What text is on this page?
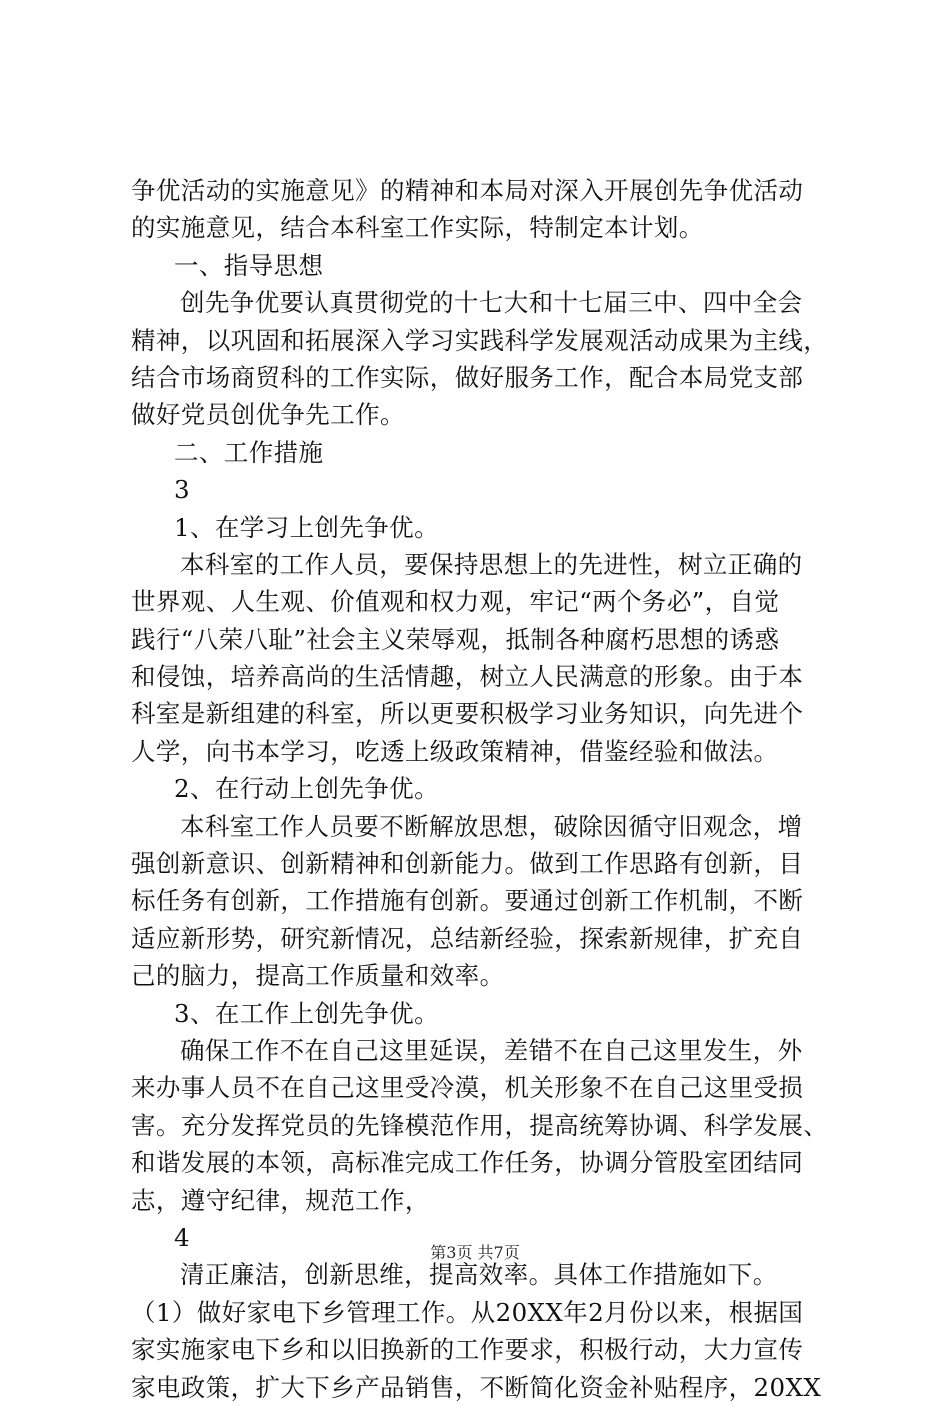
争优活动的实施意见》的精神和本局对深入开展创先争优活动
的实施意见，结合本科室工作实际，特制定本计划。
一、指导思想
创先争优要认真贯彻党的十七大和十七届三中、四中全会
精神，以巩固和拓展深入学习实践科学发展观活动成果为主线，
结合市场商贸科的工作实际，做好服务工作，配合本局党支部
做好党员创优争先工作。
二、工作措施
3
1、在学习上创先争优。
本科室的工作人员，要保持思想上的先进性，树立正确的
世界观、人生观、价值观和权力观，牢记“两个务必”，自觉
践行“八荣八耻”社会主义荣辱观，抵制各种腐朽思想的诱惑
和侵蚀，培养高尚的生活情趣，树立人民满意的形象。由于本
科室是新组建的科室，所以更要积极学习业务知识，向先进个
人学，向书本学习，吃透上级政策精神，借鉴经验和做法。
2、在行动上创先争优。
本科室工作人员要不断解放思想，破除因循守旧观念，增
强创新意识、创新精神和创新能力。做到工作思路有创新，目
标任务有创新，工作措施有创新。要通过创新工作机制，不断
适应新形势，研究新情况，总结新经验，探索新规律，扩充自
己的脑力，提高工作质量和效率。
3、在工作上创先争优。
确保工作不在自己这里延误，差错不在自己这里发生，外
来办事人员不在自己这里受冷漠，机关形象不在自己这里受损
害。充分发挥党员的先锋模范作用，提高统筹协调、科学发展、
和谐发展的本领，高标准完成工作任务，协调分管股室团结同
志，遵守纪律，规范工作，
4
清正廉洁，创新思维，提高效率。具体工作措施如下。
（1）做好家电下乡管理工作。从20XX年2月份以来，根据国
家实施家电下乡和以旧换新的工作要求，积极行动，大力宣传
家电政策，扩大下乡产品销售，不断简化资金补贴程序，20XX
第3页 共7页
